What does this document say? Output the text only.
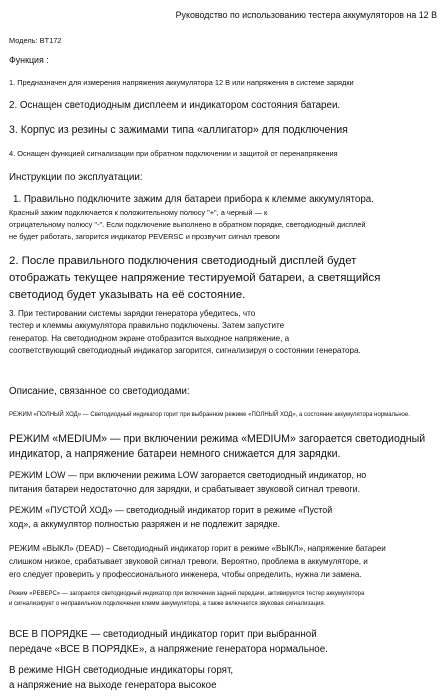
Руководство по использованию тестера аккумуляторов на 12 В

Модель: BT172

Функция :

1. Предназначен для измерения напряжения аккумулятора 12 В или напряжения в системе зарядки

2. Оснащен светодиодным дисплеем и индикатором состояния батареи.

3. Корпус из резины с зажимами типа «аллигатор» для подключения

4. Оснащен функцией сигнализации при обратном подключении и защитой от перенапряжения

Инструкции по эксплуатации:

1. Правильно подключите зажим для батареи прибора к клемме аккумулятора.

Красный зажим подключается к положительному полюсу "+", а черный — к

отрицательному полюсу "-". Если подключение выполнено в обратном порядке, светодиодный дисплей

не будет работать, загорится индикатор PEVERSC и прозвучит сигнал тревоги

2. После правильного подключения светодиодный дисплей будет

отображать текущее напряжение тестируемой батареи, а светящийся

светодиод будет указывать на её состояние.

3. При тестировании системы зарядки генератора убедитесь, что

тестер и клеммы аккумулятора правильно подключены. Затем запустите

генератор. На светодиодном экране отобразится выходное напряжение, а

соответствующий светодиодный индикатор загорится, сигнализируя о состоянии генератора.

Описание, связанное со светодиодами:

РЕЖИМ «ПОЛНЫЙ ХОД» — Светодиодный индикатор горит при выбранном режиме «ПОЛНЫЙ ХОД», а состояние аккумулятора нормальное.

РЕЖИМ «MEDIUM» — при включении режима «MEDIUM» загорается светодиодный

индикатор, а напряжение батареи немного снижается для зарядки.

РЕЖИМ LOW — при включении режима LOW загорается светодиодный индикатор, но

питания батареи недостаточно для зарядки, и срабатывает звуковой сигнал тревоги.

РЕЖИМ «ПУСТОЙ ХОД» — светодиодный индикатор горит в режиме «Пустой

ход», а аккумулятор полностью разряжен и не подлежит зарядке.

РЕЖИМ «ВЫКЛ» (DEAD) – Светодиодный индикатор горит в режиме «ВЫКЛ», напряжение батареи

слишком низкое, срабатывает звуковой сигнал тревоги. Вероятно, проблема в аккумуляторе, и

его следует проверить у профессионального инженера, чтобы определить, нужна ли замена.

Режим «РЕВЕРС» — загорается светодиодный индикатор при включении задней передачи, активируется тестер аккумулятора

и сигнализирует о неправильном подключении клемм аккумулятора, а также включается звуковая сигнализация.

ВСЕ В ПОРЯДКЕ — светодиодный индикатор горит при выбранной

передаче «ВСЕ В ПОРЯДКЕ», а напряжение генератора нормальное.

В режиме HIGH светодиодные индикаторы горят,

а напряжение на выходе генератора высокое
